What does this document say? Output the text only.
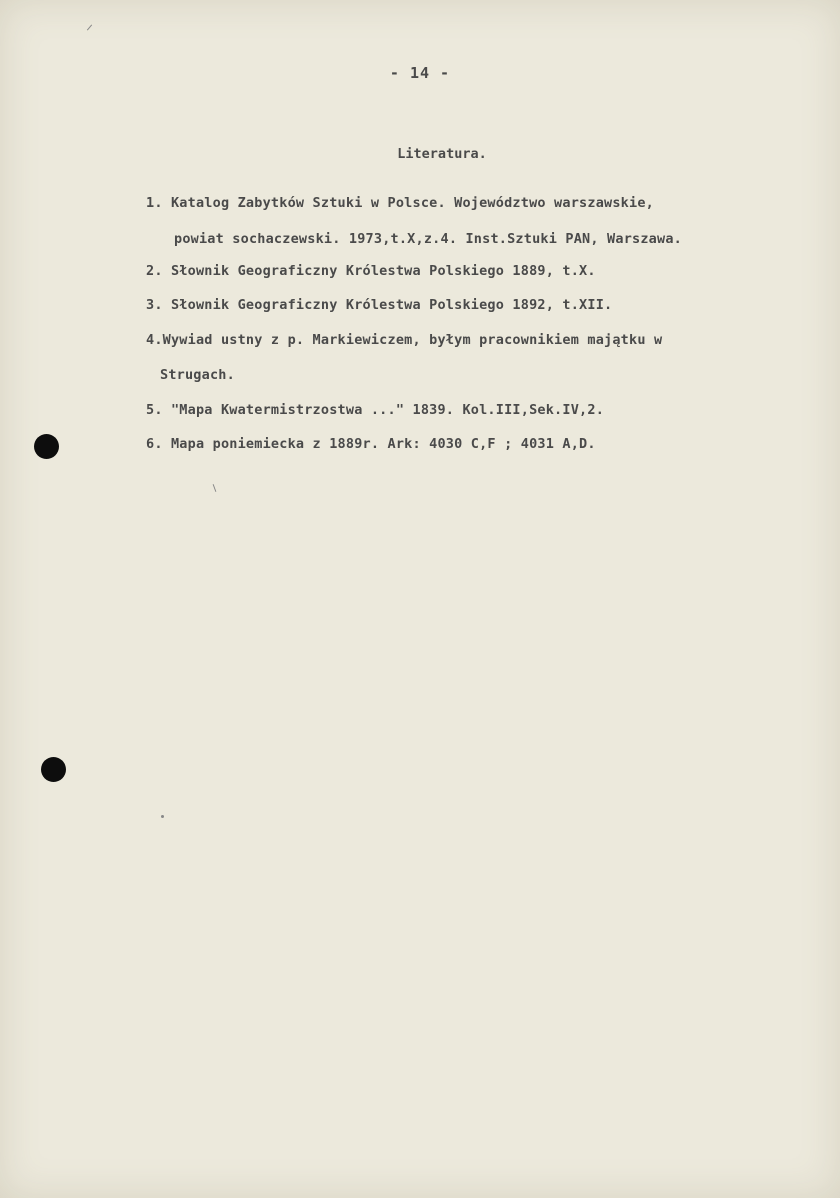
- 14 -
Literatura.
1. Katalog Zabytków Sztuki w Polsce. Województwo warszawskie,
powiat sochaczewski. 1973,t.X,z.4. Inst.Sztuki PAN, Warszawa.
2. Słownik Geograficzny Królestwa Polskiego 1889, t.X.
3. Słownik Geograficzny Królestwa Polskiego 1892, t.XII.
4.Wywiad ustny z p. Markiewiczem, byłym pracownikiem majątku w
Strugach.
5. "Mapa Kwatermistrzostwa ..." 1839. Kol.III,Sek.IV,2.
6. Mapa poniemiecka z 1889r. Ark: 4030 C,F ; 4031 A,D.
